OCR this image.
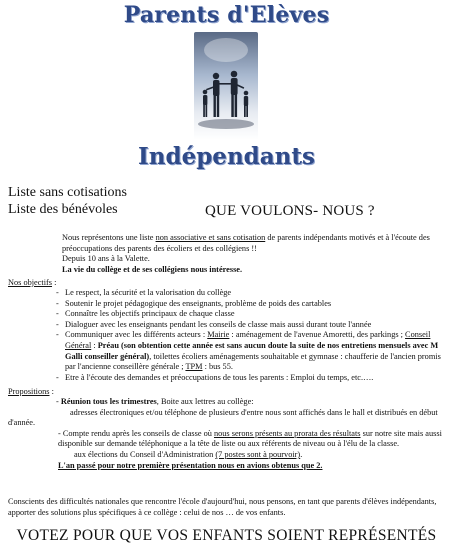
Parents d'Elèves
Indépendants
Liste sans cotisations
Liste des bénévoles	QUE VOULONS- NOUS ?
Nous représentons une liste non associative et sans cotisation de parents indépendants motivés et à l'écoute des préoccupations des parents des écoliers et des collégiens !!
Depuis 10 ans à la Valette.
La vie du collège et de ses collégiens nous intéresse.
Nos objectifs :
- Le respect, la sécurité et la valorisation du collège
- Soutenir le projet pédagogique des enseignants, problème de poids des cartables
- Connaître les objectifs principaux de chaque classe
- Dialoguer avec les enseignants pendant les conseils de classe mais aussi durant toute l'année
- Communiquer avec les différents acteurs : Mairie : aménagement de l'avenue Amoretti, des parkings ; Conseil Général : Préau (son obtention cette année est sans aucun doute la suite de nos entretiens mensuels avec M Galli conseiller général), toilettes écoliers aménagements souhaitable et gymnase : chaufferie de l'ancien promis par l'ancienne conseillère générale ; TPM : bus 55.
- Etre à l'écoute des demandes et préoccupations de tous les parents : Emploi du temps, etc.….
Propositions :
- Réunion tous les trimestres, Boite aux lettres au collège:
adresses électroniques et/ou téléphone de plusieurs d'entre nous sont affichés dans le hall et distribués en début d'année.
- Compte rendu après les conseils de classe où nous serons présents au prorata des résultats sur notre site mais aussi disponible sur demande téléphonique a la tête de liste ou aux référents de niveau ou à l'élu de la classe.
aux élections du Conseil d'Administration (7 postes sont à pourvoir).
L'an passé pour notre première présentation nous en avions obtenus que 2.
Conscients des difficultés nationales que rencontre l'école d'aujourd'hui, nous pensons, en tant que parents d'élèves indépendants, apporter des solutions plus spécifiques à ce collège : celui de nos … de vos enfants.
VOTEZ POUR QUE VOS ENFANTS SOIENT REPRÉSENTÉS
